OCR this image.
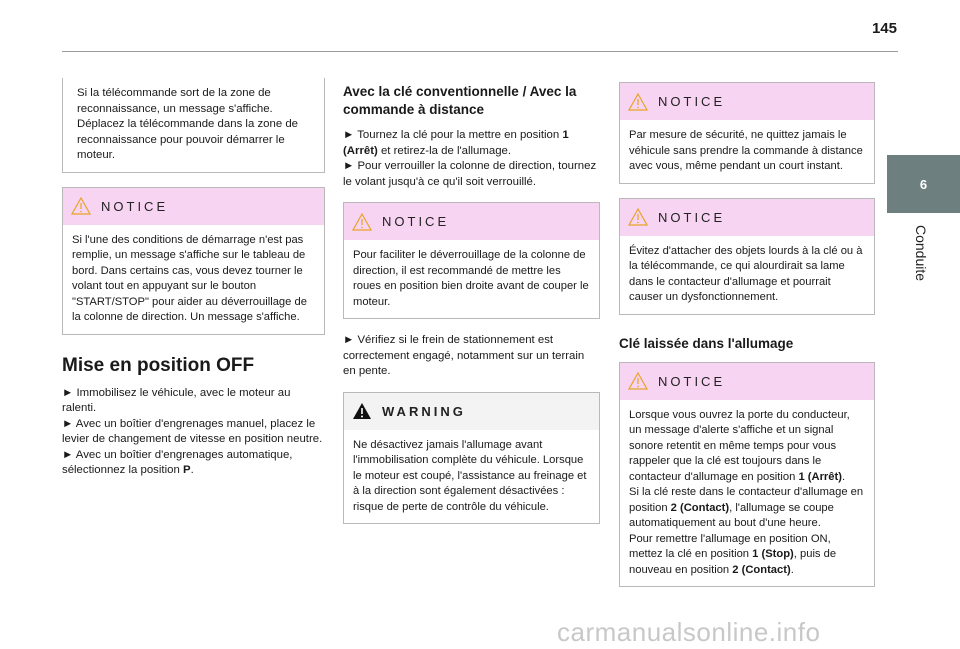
145
6
Conduite

Si la télécommande sort de la zone de reconnaissance, un message s'affiche. Déplacez la télécommande dans la zone de reconnaissance pour pouvoir démarrer le moteur.

NOTICE
Si l'une des conditions de démarrage n'est pas remplie, un message s'affiche sur le tableau de bord. Dans certains cas, vous devez tourner le volant tout en appuyant sur le bouton "START/STOP" pour aider au déverrouillage de la colonne de direction. Un message s'affiche.
Mise en position OFF

► Immobilisez le véhicule, avec le moteur au ralenti.

► Avec un boîtier d'engrenages manuel, placez le levier de changement de vitesse en position neutre.

► Avec un boîtier d'engrenages automatique, sélectionnez la position P.

Avec la clé conventionnelle / Avec la commande à distance

► Tournez la clé pour la mettre en position 1 (Arrêt) et retirez-la de l'allumage.

► Pour verrouiller la colonne de direction, tournez le volant jusqu'à ce qu'il soit verrouillé.

NOTICE
Pour faciliter le déverrouillage de la colonne de direction, il est recommandé de mettre les roues en position bien droite avant de couper le moteur.

► Vérifiez si le frein de stationnement est correctement engagé, notamment sur un terrain en pente.

WARNING
Ne désactivez jamais l'allumage avant l'immobilisation complète du véhicule. Lorsque le moteur est coupé, l'assistance au freinage et à la direction sont également désactivées : risque de perte de contrôle du véhicule.
NOTICE
Par mesure de sécurité, ne quittez jamais le véhicule sans prendre la commande à distance avec vous, même pendant un court instant.
NOTICE
Évitez d'attacher des objets lourds à la clé ou à la télécommande, ce qui alourdirait sa lame dans le contacteur d'allumage et pourrait causer un dysfonctionnement.
Clé laissée dans l'allumage
NOTICE
Lorsque vous ouvrez la porte du conducteur, un message d'alerte s'affiche et un signal sonore retentit en même temps pour vous rappeler que la clé est toujours dans le contacteur d'allumage en position 1 (Arrêt).
Si la clé reste dans le contacteur d'allumage en position 2 (Contact), l'allumage se coupe automatiquement au bout d'une heure.
Pour remettre l'allumage en position ON, mettez la clé en position 1 (Stop), puis de nouveau en position 2 (Contact).
carmanualsonline.info
